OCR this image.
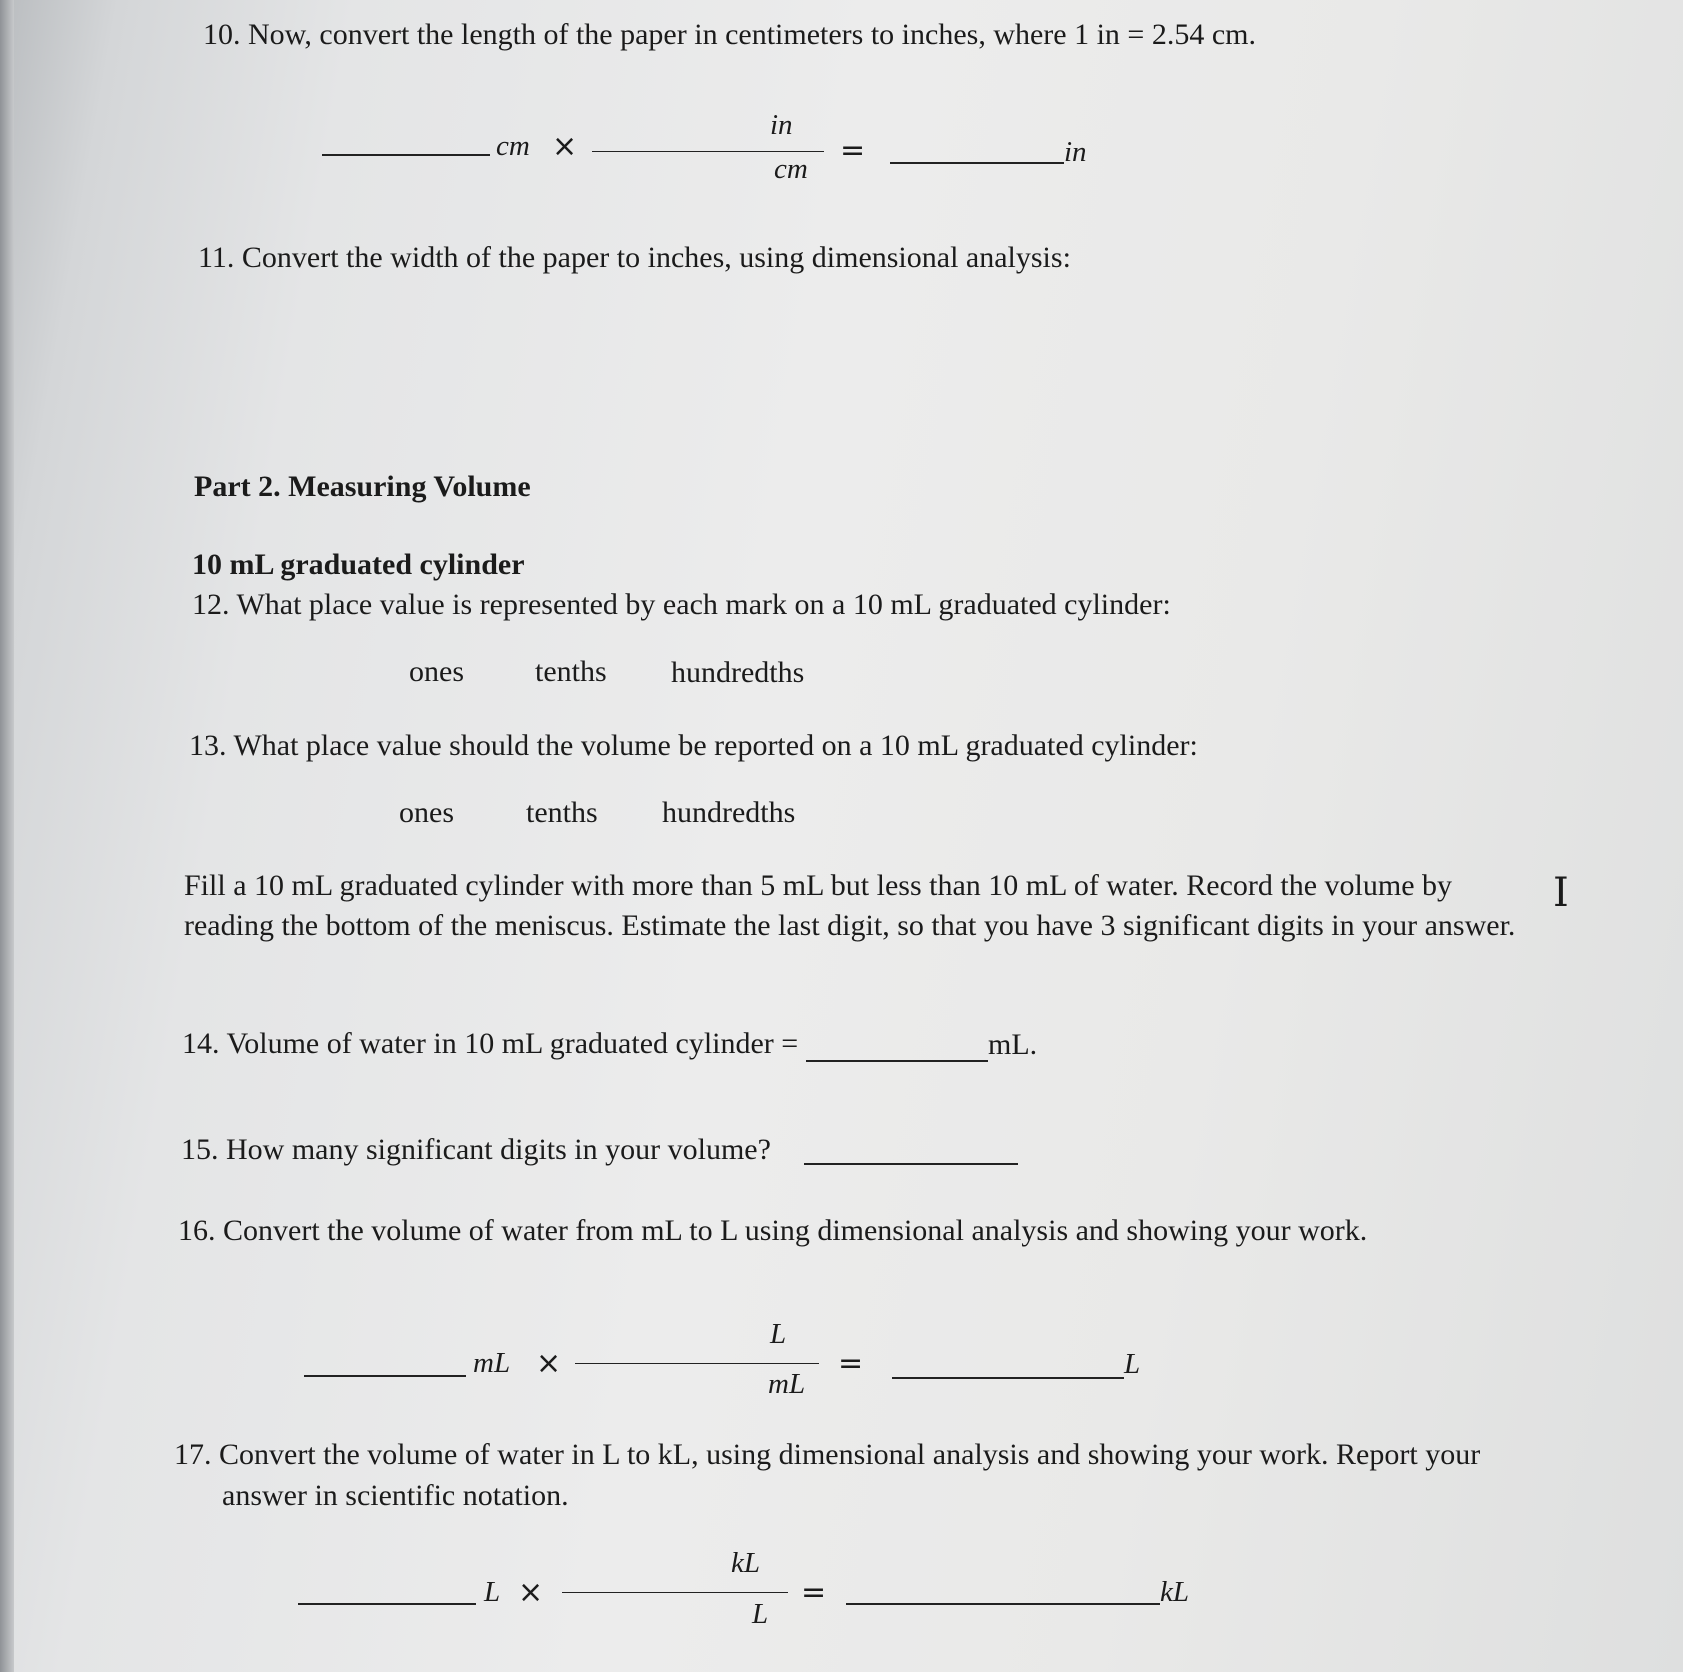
10. Now, convert the length of the paper in centimeters to inches, where 1 in = 2.54 cm.
cm ×
in
cm
=	in
11. Convert the width of the paper to inches, using dimensional analysis:
Part 2. Measuring Volume
10 mL graduated cylinder
12. What place value is represented by each mark on a 10 mL graduated cylinder:
ones tenths hundredths
13. What place value should the volume be reported on a 10 mL graduated cylinder:
ones tenths hundredths
Fill a 10 mL graduated cylinder with more than 5 mL but less than 10 mL of water. Record the volume by
reading the bottom of the meniscus. Estimate the last digit, so that you have 3 significant digits in your answer.
I
14. Volume of water in 10 mL graduated cylinder =	mL.
15. How many significant digits in your volume?
16. Convert the volume of water from mL to L using dimensional analysis and showing your work.
mL ×
L
mL
=	L
17. Convert the volume of water in L to kL, using dimensional analysis and showing your work. Report your
answer in scientific notation.
L ×
kL
L
=	kL
